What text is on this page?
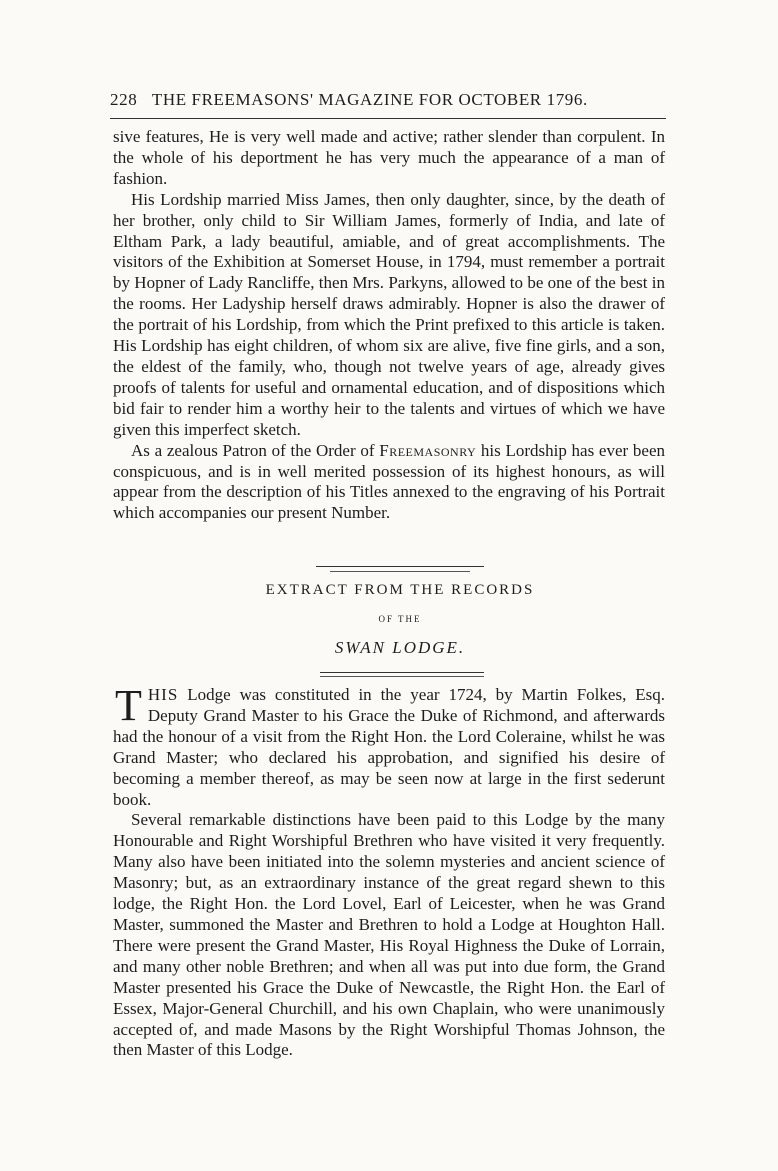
228 THE FREEMASONS' MAGAZINE FOR OCTOBER 1796.

sive features, He is very well made and active; rather slender than corpulent. In the whole of his deportment he has very much the appearance of a man of fashion.

His Lordship married Miss James, then only daughter, since, by the death of her brother, only child to Sir William James, formerly of India, and late of Eltham Park, a lady beautiful, amiable, and of great accomplishments. The visitors of the Exhibition at Somerset House, in 1794, must remember a portrait by Hopner of Lady Rancliffe, then Mrs. Parkyns, allowed to be one of the best in the rooms. Her Ladyship herself draws admirably. Hopner is also the drawer of the portrait of his Lordship, from which the Print prefixed to this article is taken. His Lordship has eight children, of whom six are alive, five fine girls, and a son, the eldest of the family, who, though not twelve years of age, already gives proofs of talents for useful and ornamental education, and of dispositions which bid fair to render him a worthy heir to the talents and virtues of which we have given this imperfect sketch.

As a zealous Patron of the Order of Freemasonry his Lordship has ever been conspicuous, and is in well merited possession of its highest honours, as will appear from the description of his Titles annexed to the engraving of his Portrait which accompanies our present Number.

EXTRACT FROM THE RECORDS
OF THE
SWAN LODGE.

THIS Lodge was constituted in the year 1724, by Martin Folkes, Esq. Deputy Grand Master to his Grace the Duke of Richmond, and afterwards had the honour of a visit from the Right Hon. the Lord Coleraine, whilst he was Grand Master; who declared his approbation, and signified his desire of becoming a member thereof, as may be seen now at large in the first sederunt book.

Several remarkable distinctions have been paid to this Lodge by the many Honourable and Right Worshipful Brethren who have visited it very frequently. Many also have been initiated into the solemn mysteries and ancient science of Masonry; but, as an extraordinary instance of the great regard shewn to this lodge, the Right Hon. the Lord Lovel, Earl of Leicester, when he was Grand Master, summoned the Master and Brethren to hold a Lodge at Houghton Hall. There were present the Grand Master, His Royal Highness the Duke of Lorrain, and many other noble Brethren; and when all was put into due form, the Grand Master presented his Grace the Duke of Newcastle, the Right Hon. the Earl of Essex, Major-General Churchill, and his own Chaplain, who were unanimously accepted of, and made Masons by the Right Worshipful Thomas Johnson, the then Master of this Lodge.
